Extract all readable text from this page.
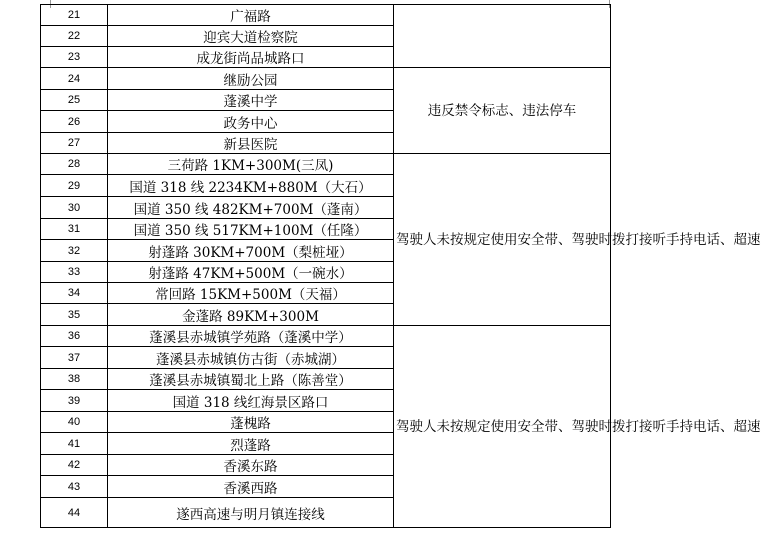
21	广福路	
22	迎宾大道检察院	
23	成龙街尚品城路口	
24	继励公园	违反禁令标志、违法停车
25	蓬溪中学	
26	政务中心	
27	新县医院	
28	三荷路 1KM+300M(三凤)	驾驶人未按规定使用安全带、驾驶时拨打接听手持电话、超速

29	国道 318 线 2234KM+880M（大石）	
30	国道 350 线 482KM+700M（蓬南）	
31	国道 350 线 517KM+100M（任隆）	
32	射蓬路 30KM+700M（梨桩垭）	
33	射蓬路 47KM+500M（一碗水）	
34	常回路 15KM+500M（天福）	
35	金蓬路 89KM+300M	
36	蓬溪县赤城镇学苑路（蓬溪中学）	驾驶人未按规定使用安全带、驾驶时拨打接听手持电话、超速

37	蓬溪县赤城镇仿古街（赤城湖）	
38	蓬溪县赤城镇蜀北上路（陈善堂）	
39	国道 318 线红海景区路口	
40	蓬槐路	
41	烈蓬路	
42	香溪东路	
43	香溪西路	
44	遂西高速与明月镇连接线	
